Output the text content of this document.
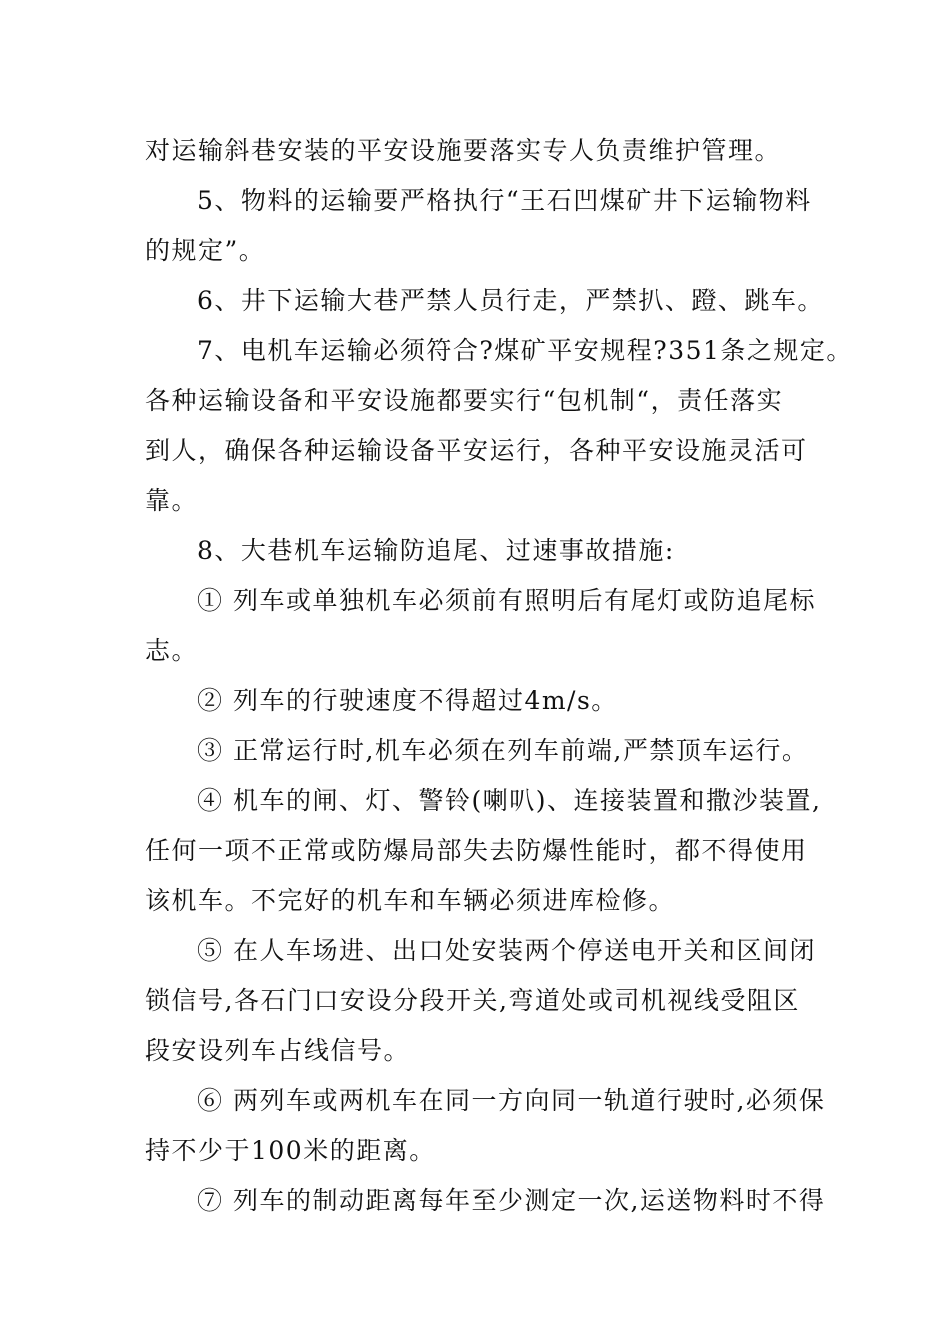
对运输斜巷安装的平安设施要落实专人负责维护管理。
5、物料的运输要严格执行“王石凹煤矿井下运输物料
的规定”。
6、井下运输大巷严禁人员行走，严禁扒、蹬、跳车。
7、电机车运输必须符合?煤矿平安规程?351条之规定。
各种运输设备和平安设施都要实行“包机制“，责任落实
到人，确保各种运输设备平安运行，各种平安设施灵活可
靠。
8、大巷机车运输防追尾、过速事故措施:
① 列车或单独机车必须前有照明后有尾灯或防追尾标
志。
② 列车的行驶速度不得超过4m/s。
③ 正常运行时,机车必须在列车前端,严禁顶车运行。
④ 机车的闸、灯、警铃(喇叭)、连接装置和撒沙装置,
任何一项不正常或防爆局部失去防爆性能时，都不得使用
该机车。不完好的机车和车辆必须进库检修。
⑤ 在人车场进、出口处安装两个停送电开关和区间闭
锁信号,各石门口安设分段开关,弯道处或司机视线受阻区
段安设列车占线信号。
⑥ 两列车或两机车在同一方向同一轨道行驶时,必须保
持不少于100米的距离。
⑦ 列车的制动距离每年至少测定一次,运送物料时不得
